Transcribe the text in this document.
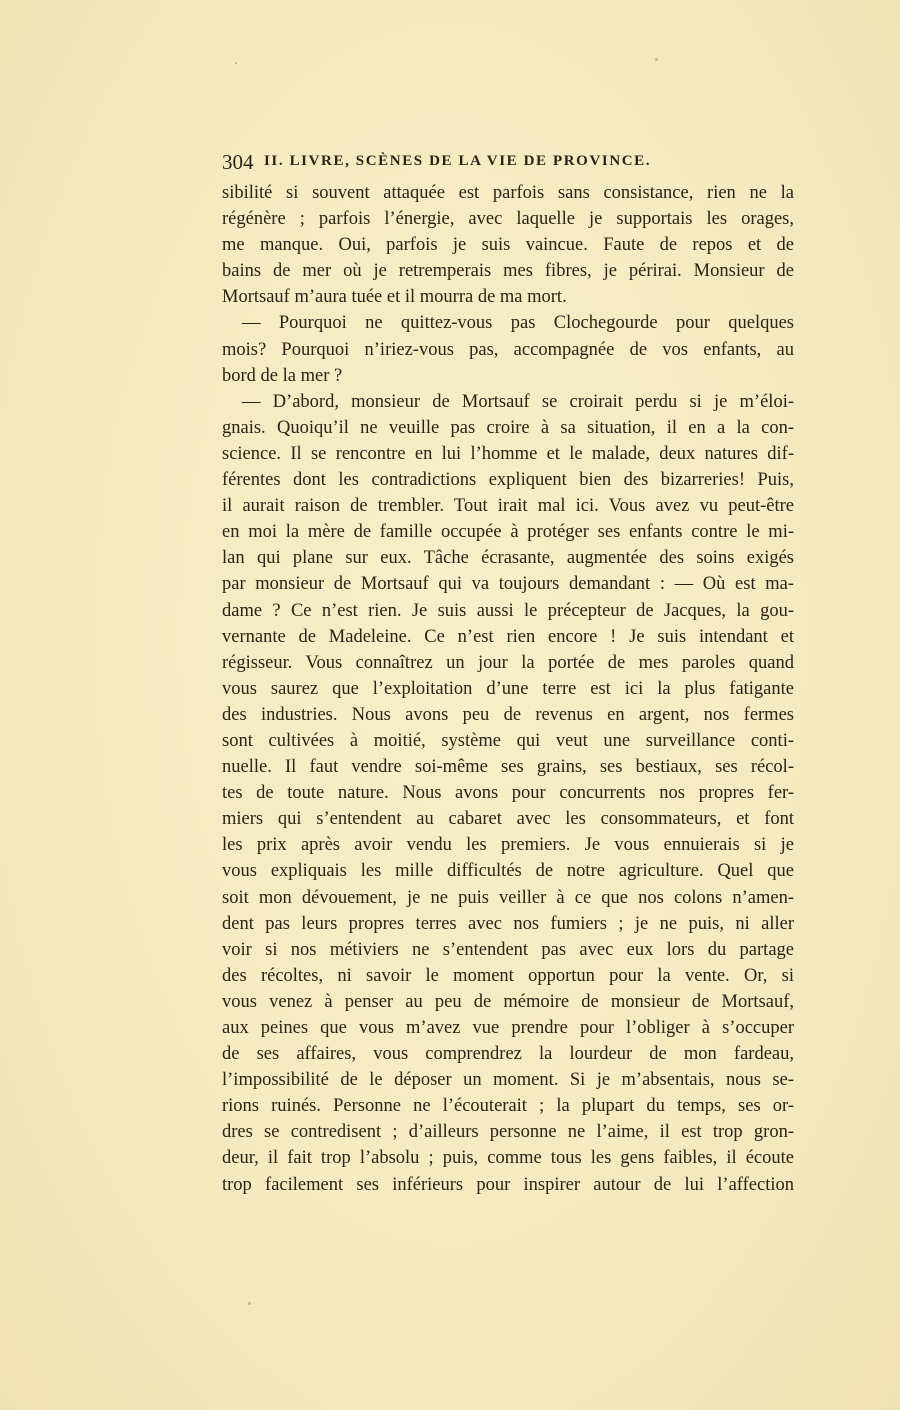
304 II. LIVRE, SCÈNES DE LA VIE DE PROVINCE.
sibilité si souvent attaquée est parfois sans consistance, rien ne la
régénère ; parfois l’énergie, avec laquelle je supportais les orages,
me manque. Oui, parfois je suis vaincue. Faute de repos et de
bains de mer où je retremperais mes fibres, je périrai. Monsieur de
Mortsauf m’aura tuée et il mourra de ma mort.
— Pourquoi ne quittez-vous pas Clochegourde pour quelques
mois? Pourquoi n’iriez-vous pas, accompagnée de vos enfants, au
bord de la mer ?
— D’abord, monsieur de Mortsauf se croirait perdu si je m’éloi-
gnais. Quoiqu’il ne veuille pas croire à sa situation, il en a la con-
science. Il se rencontre en lui l’homme et le malade, deux natures dif-
férentes dont les contradictions expliquent bien des bizarreries! Puis,
il aurait raison de trembler. Tout irait mal ici. Vous avez vu peut-être
en moi la mère de famille occupée à protéger ses enfants contre le mi-
lan qui plane sur eux. Tâche écrasante, augmentée des soins exigés
par monsieur de Mortsauf qui va toujours demandant : — Où est ma-
dame ? Ce n’est rien. Je suis aussi le précepteur de Jacques, la gou-
vernante de Madeleine. Ce n’est rien encore ! Je suis intendant et
régisseur. Vous connaîtrez un jour la portée de mes paroles quand
vous saurez que l’exploitation d’une terre est ici la plus fatigante
des industries. Nous avons peu de revenus en argent, nos fermes
sont cultivées à moitié, système qui veut une surveillance conti-
nuelle. Il faut vendre soi-même ses grains, ses bestiaux, ses récol-
tes de toute nature. Nous avons pour concurrents nos propres fer-
miers qui s’entendent au cabaret avec les consommateurs, et font
les prix après avoir vendu les premiers. Je vous ennuierais si je
vous expliquais les mille difficultés de notre agriculture. Quel que
soit mon dévouement, je ne puis veiller à ce que nos colons n’amen-
dent pas leurs propres terres avec nos fumiers ; je ne puis, ni aller
voir si nos métiviers ne s’entendent pas avec eux lors du partage
des récoltes, ni savoir le moment opportun pour la vente. Or, si
vous venez à penser au peu de mémoire de monsieur de Mortsauf,
aux peines que vous m’avez vue prendre pour l’obliger à s’occuper
de ses affaires, vous comprendrez la lourdeur de mon fardeau,
l’impossibilité de le déposer un moment. Si je m’absentais, nous se-
rions ruinés. Personne ne l’écouterait ; la plupart du temps, ses or-
dres se contredisent ; d’ailleurs personne ne l’aime, il est trop gron-
deur, il fait trop l’absolu ; puis, comme tous les gens faibles, il écoute
trop facilement ses inférieurs pour inspirer autour de lui l’affection
